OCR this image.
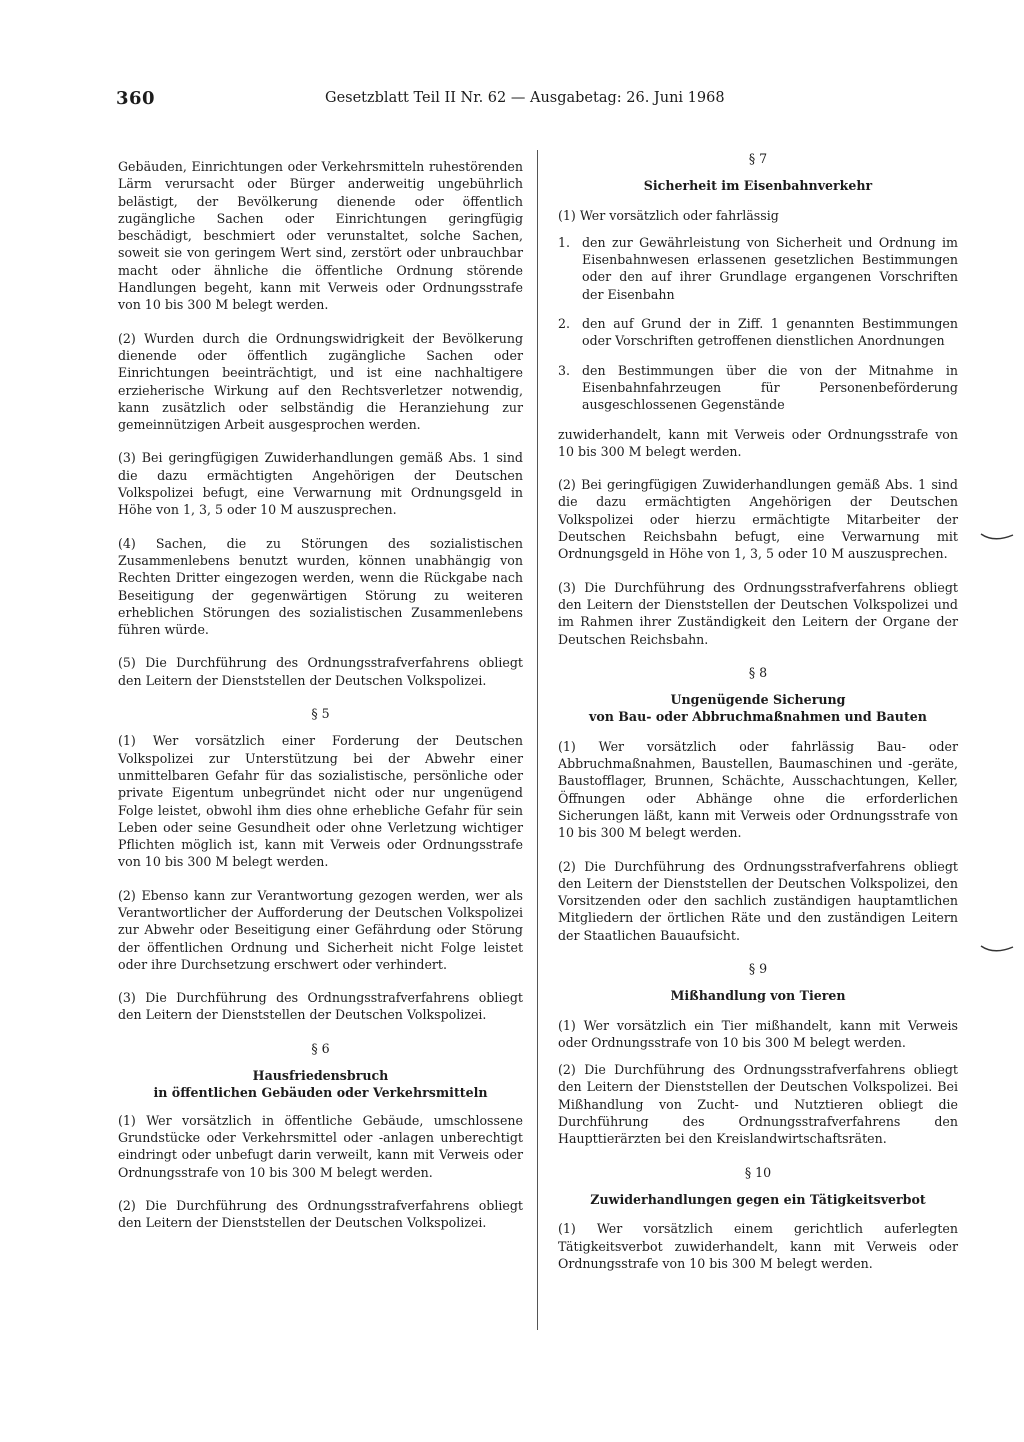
360	Gesetzblatt Teil II Nr. 62 — Ausgabetag: 26. Juni 1968

Gebäuden, Einrichtungen oder Verkehrsmitteln ruhestörenden Lärm verursacht oder Bürger anderweitig ungebührlich belästigt, der Bevölkerung dienende oder öffentlich zugängliche Sachen oder Einrichtungen geringfügig beschädigt, beschmiert oder verunstaltet, solche Sachen, soweit sie von geringem Wert sind, zerstört oder unbrauchbar macht oder ähnliche die öffentliche Ordnung störende Handlungen begeht, kann mit Verweis oder Ordnungsstrafe von 10 bis 300 M belegt werden.

(2) Wurden durch die Ordnungswidrigkeit der Bevölkerung dienende oder öffentlich zugängliche Sachen oder Einrichtungen beeinträchtigt, und ist eine nachhaltigere erzieherische Wirkung auf den Rechtsverletzer notwendig, kann zusätzlich oder selbständig die Heranziehung zur gemeinnützigen Arbeit ausgesprochen werden.

(3) Bei geringfügigen Zuwiderhandlungen gemäß Abs. 1 sind die dazu ermächtigten Angehörigen der Deutschen Volkspolizei befugt, eine Verwarnung mit Ordnungsgeld in Höhe von 1, 3, 5 oder 10 M auszusprechen.

(4) Sachen, die zu Störungen des sozialistischen Zusammenlebens benutzt wurden, können unabhängig von Rechten Dritter eingezogen werden, wenn die Rückgabe nach Beseitigung der gegenwärtigen Störung zu weiteren erheblichen Störungen des sozialistischen Zusammenlebens führen würde.

(5) Die Durchführung des Ordnungsstrafverfahrens obliegt den Leitern der Dienststellen der Deutschen Volkspolizei.

§ 5

(1) Wer vorsätzlich einer Forderung der Deutschen Volkspolizei zur Unterstützung bei der Abwehr einer unmittelbaren Gefahr für das sozialistische, persönliche oder private Eigentum unbegründet nicht oder nur ungenügend Folge leistet, obwohl ihm dies ohne erhebliche Gefahr für sein Leben oder seine Gesundheit oder ohne Verletzung wichtiger Pflichten möglich ist, kann mit Verweis oder Ordnungsstrafe von 10 bis 300 M belegt werden.

(2) Ebenso kann zur Verantwortung gezogen werden, wer als Verantwortlicher der Aufforderung der Deutschen Volkspolizei zur Abwehr oder Beseitigung einer Gefährdung oder Störung der öffentlichen Ordnung und Sicherheit nicht Folge leistet oder ihre Durchsetzung erschwert oder verhindert.

(3) Die Durchführung des Ordnungsstrafverfahrens obliegt den Leitern der Dienststellen der Deutschen Volkspolizei.

§ 6
Hausfriedensbruch
in öffentlichen Gebäuden oder Verkehrsmitteln

(1) Wer vorsätzlich in öffentliche Gebäude, umschlossene Grundstücke oder Verkehrsmittel oder -anlagen unberechtigt eindringt oder unbefugt darin verweilt, kann mit Verweis oder Ordnungsstrafe von 10 bis 300 M belegt werden.

(2) Die Durchführung des Ordnungsstrafverfahrens obliegt den Leitern der Dienststellen der Deutschen Volkspolizei.

§ 7
Sicherheit im Eisenbahnverkehr

(1) Wer vorsätzlich oder fahrlässig

1. den zur Gewährleistung von Sicherheit und Ordnung im Eisenbahnwesen erlassenen gesetzlichen Bestimmungen oder den auf ihrer Grundlage ergangenen Vorschriften der Eisenbahn
2. den auf Grund der in Ziff. 1 genannten Bestimmungen oder Vorschriften getroffenen dienstlichen Anordnungen
3. den Bestimmungen über die von der Mitnahme in Eisenbahnfahrzeugen für Personenbeförderung ausgeschlossenen Gegenstände

zuwiderhandelt, kann mit Verweis oder Ordnungsstrafe von 10 bis 300 M belegt werden.

(2) Bei geringfügigen Zuwiderhandlungen gemäß Abs. 1 sind die dazu ermächtigten Angehörigen der Deutschen Volkspolizei oder hierzu ermächtigte Mitarbeiter der Deutschen Reichsbahn befugt, eine Verwarnung mit Ordnungsgeld in Höhe von 1, 3, 5 oder 10 M auszusprechen.

(3) Die Durchführung des Ordnungsstrafverfahrens obliegt den Leitern der Dienststellen der Deutschen Volkspolizei und im Rahmen ihrer Zuständigkeit den Leitern der Organe der Deutschen Reichsbahn.

§ 8
Ungenügende Sicherung
von Bau- oder Abbruchmaßnahmen und Bauten

(1) Wer vorsätzlich oder fahrlässig Bau- oder Abbruchmaßnahmen, Baustellen, Baumaschinen und -geräte, Baustofflager, Brunnen, Schächte, Ausschachtungen, Keller, Öffnungen oder Abhänge ohne die erforderlichen Sicherungen läßt, kann mit Verweis oder Ordnungsstrafe von 10 bis 300 M belegt werden.

(2) Die Durchführung des Ordnungsstrafverfahrens obliegt den Leitern der Dienststellen der Deutschen Volkspolizei, den Vorsitzenden oder den sachlich zuständigen hauptamtlichen Mitgliedern der örtlichen Räte und den zuständigen Leitern der Staatlichen Bauaufsicht.

§ 9
Mißhandlung von Tieren

(1) Wer vorsätzlich ein Tier mißhandelt, kann mit Verweis oder Ordnungsstrafe von 10 bis 300 M belegt werden.

(2) Die Durchführung des Ordnungsstrafverfahrens obliegt den Leitern der Dienststellen der Deutschen Volkspolizei. Bei Mißhandlung von Zucht- und Nutztieren obliegt die Durchführung des Ordnungsstrafverfahrens den Haupttierärzten bei den Kreislandwirtschaftsräten.

§ 10
Zuwiderhandlungen gegen ein Tätigkeitsverbot

(1) Wer vorsätzlich einem gerichtlich auferlegten Tätigkeitsverbot zuwiderhandelt, kann mit Verweis oder Ordnungsstrafe von 10 bis 300 M belegt werden.
